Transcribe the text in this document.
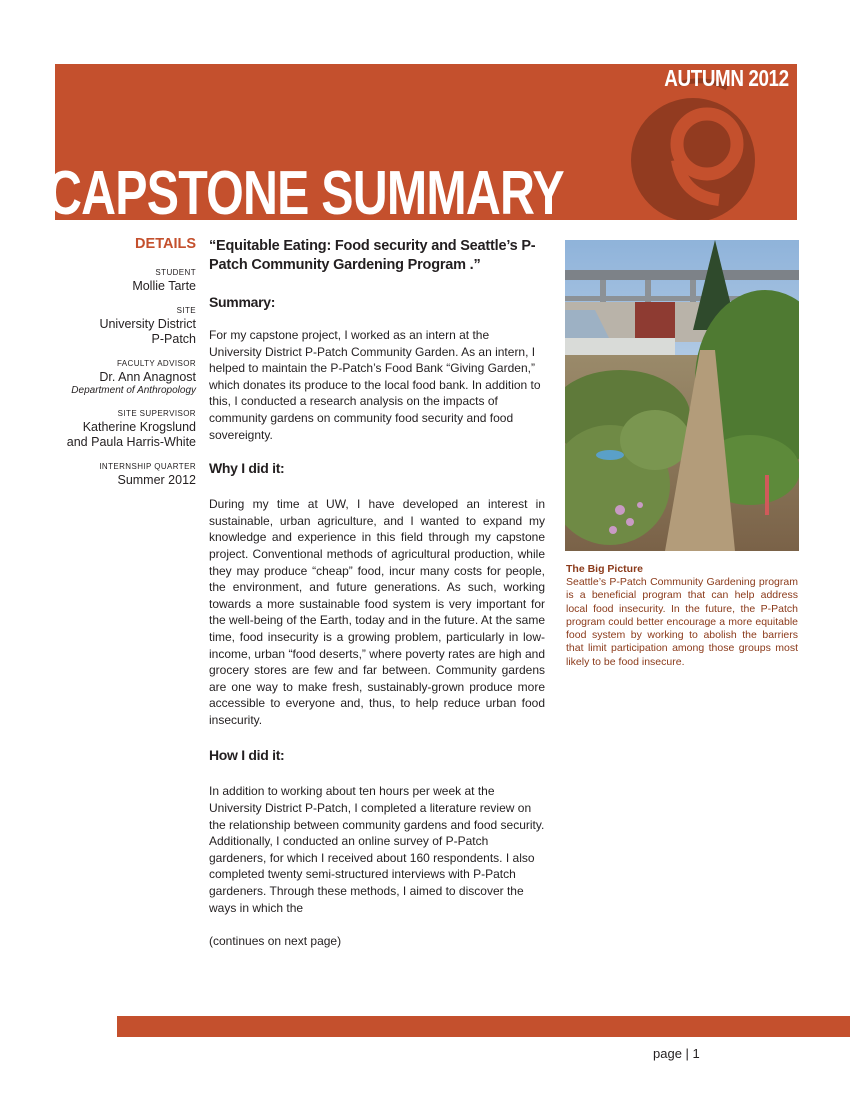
AUTUMN 2012
CAPSTONE SUMMARY
DETAILS
STUDENT
Mollie Tarte
SITE
University District
P-Patch
FACULTY ADVISOR
Dr. Ann Anagnost
Department of Anthropology
SITE SUPERVISOR
Katherine Krogslund
and Paula Harris-White
INTERNSHIP QUARTER
Summer 2012
“Equitable Eating: Food security and Seattle’s P-Patch Community Gardening Program .”
Summary:

For my capstone project, I worked as an intern at the University District P-Patch Community Garden. As an intern, I helped to maintain the P-Patch’s Food Bank “Giving Garden,” which donates its produce to the local food bank. In addition to this, I conducted a research analysis on the impacts of community gardens on community food security and food sovereignty.

Why I did it:

During my time at UW, I have developed an interest in sustainable, urban agriculture, and I wanted to expand my knowledge and experience in this field through my capstone project. Conventional methods of agricultural production, while they may produce “cheap” food, incur many costs for people, the environment, and future generations. As such, working towards a more sustainable food system is very important for the well-being of the Earth, today and in the future. At the same time, food insecurity is a growing problem, particularly in low-income, urban “food deserts,” where poverty rates are high and grocery stores are few and far between. Community gardens are one way to make fresh, sustainably-grown produce more accessible to everyone and, thus, to help reduce urban food insecurity.

How I did it:

In addition to working about ten hours per week at the University District P-Patch, I completed a literature review on the relationship between community gardens and food security. Additionally, I conducted an online survey of P-Patch gardeners, for which I received about 160 respondents. I also completed twenty semi-structured interviews with P-Patch gardeners. Through these methods, I aimed to discover the ways in which the

(continues on next page)

The Big Picture
Seattle’s P-Patch Community Gardening program is a beneficial program that can help address local food insecurity. In the future, the P-Patch program could better encourage a more equitable food system by working to abolish the barriers that limit participation among those groups most likely to be food insecure.
page | 1
